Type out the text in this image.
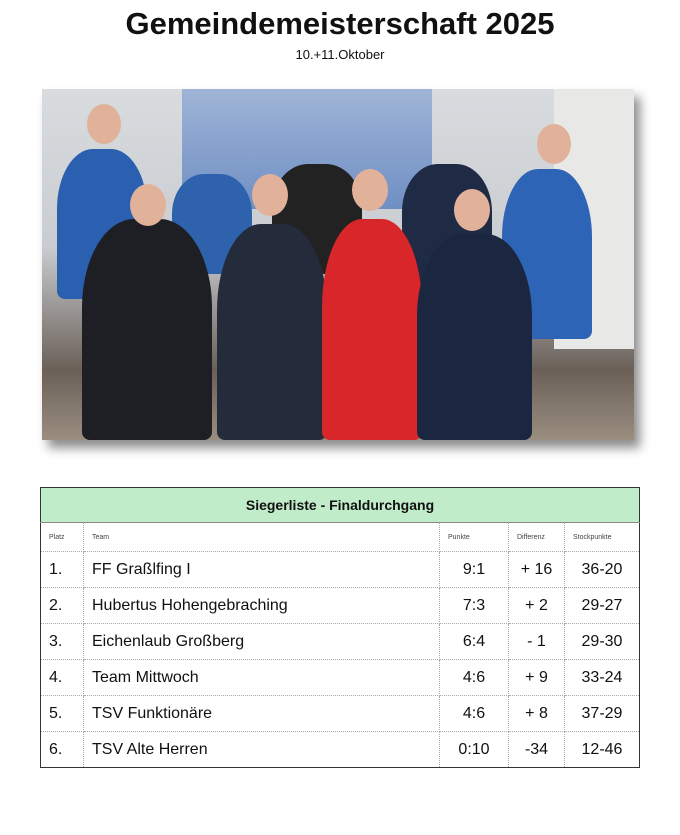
Gemeindemeisterschaft 2025
10.+11.Oktober
Siegerliste - Finaldurchgang				
Platz	Team	Punkte	Differenz	Stockpunkte
1.	FF Graßlfing I	9:1	+ 16	36-20
2.	Hubertus Hohengebraching	7:3	+ 2	29-27
3.	Eichenlaub Großberg	6:4	- 1	29-30
4.	Team Mittwoch	4:6	+ 9	33-24
5.	TSV Funktionäre	4:6	+ 8	37-29
6.	TSV Alte Herren	0:10	-34	12-46
